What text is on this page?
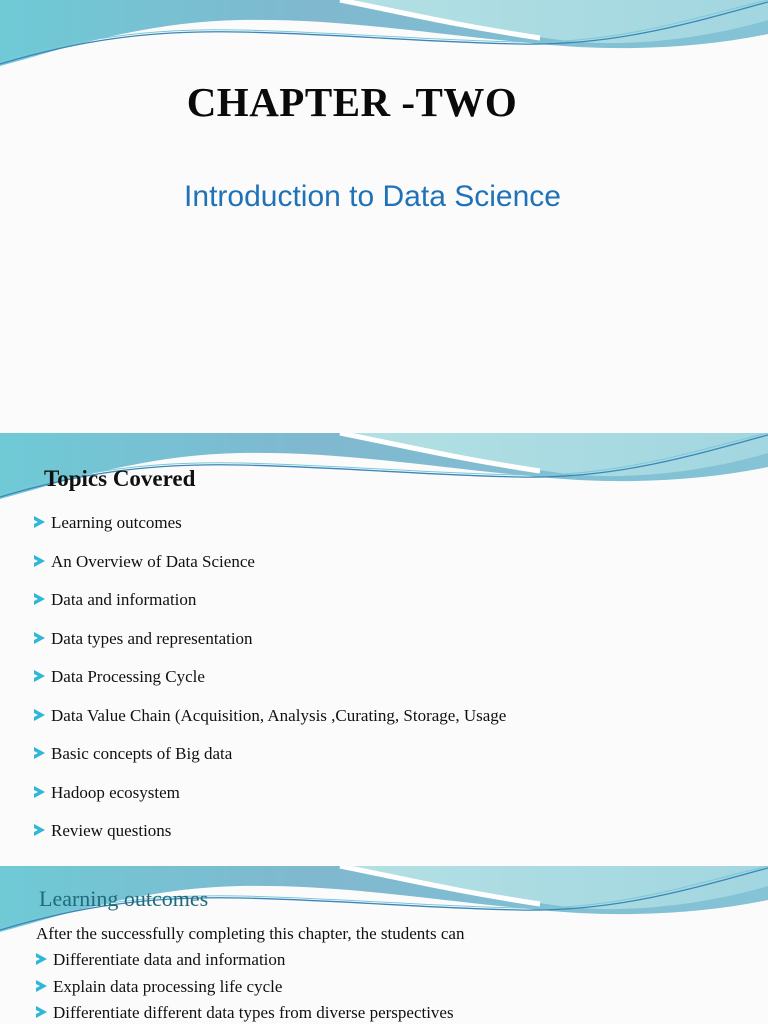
CHAPTER -TWO
Introduction to Data Science
Topics Covered
Learning outcomes
An Overview of Data Science
Data and information
Data types and representation
Data Processing Cycle
Data Value Chain (Acquisition, Analysis ,Curating, Storage, Usage
Basic concepts of Big data
Hadoop ecosystem
Review questions
Learning outcomes
After the successfully completing this chapter, the students can
Differentiate data and information
Explain data processing life cycle
Differentiate different data types from diverse perspectives
